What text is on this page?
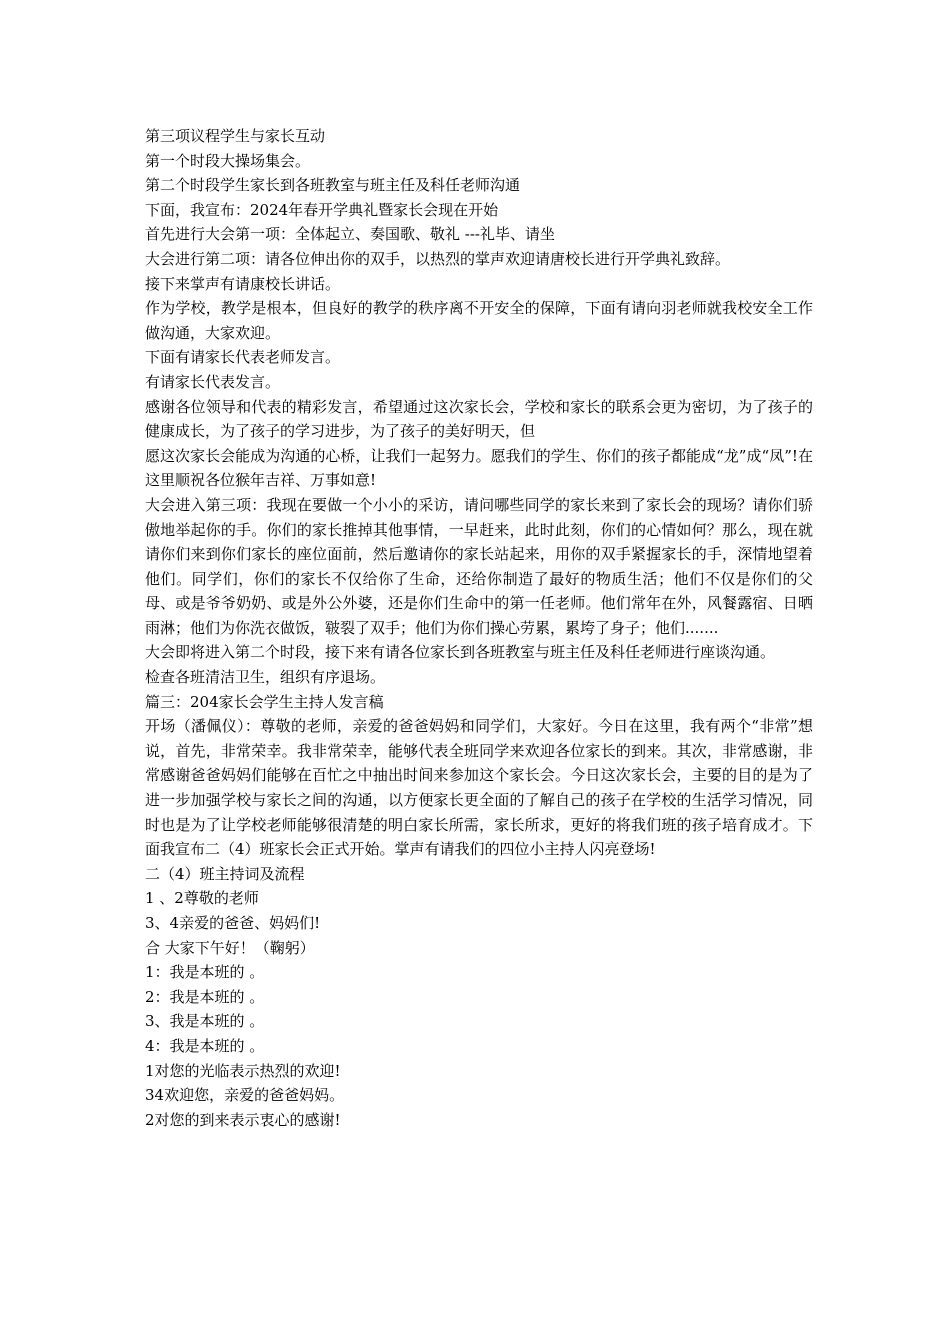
第三项议程学生与家长互动

第一个时段大操场集会。

第二个时段学生家长到各班教室与班主任及科任老师沟通

下面，我宣布：2024年春开学典礼暨家长会现在开始

首先进行大会第一项：全体起立、奏国歌、敬礼 ---礼毕、请坐

大会进行第二项：请各位伸出你的双手，以热烈的掌声欢迎请唐校长进行开学典礼致辞。

接下来掌声有请康校长讲话。

作为学校，教学是根本，但良好的教学的秩序离不开安全的保障，下面有请向羽老师就我校安全工作做沟通，大家欢迎。

下面有请家长代表老师发言。

有请家长代表发言。

感谢各位领导和代表的精彩发言，希望通过这次家长会，学校和家长的联系会更为密切，为了孩子的健康成长，为了孩子的学习进步，为了孩子的美好明天，但

愿这次家长会能成为沟通的心桥，让我们一起努力。愿我们的学生、你们的孩子都能成“龙”成“凤”!在这里顺祝各位猴年吉祥、万事如意!

大会进入第三项：我现在要做一个小小的采访，请问哪些同学的家长来到了家长会的现场？请你们骄傲地举起你的手。你们的家长推掉其他事情，一早赶来，此时此刻，你们的心情如何？那么，现在就请你们来到你们家长的座位面前，然后邀请你的家长站起来，用你的双手紧握家长的手，深情地望着他们。同学们，你们的家长不仅给你了生命，还给你制造了最好的物质生活；他们不仅是你们的父母、或是爷爷奶奶、或是外公外婆，还是你们生命中的第一任老师。他们常年在外，风餐露宿、日晒雨淋；他们为你洗衣做饭，皲裂了双手；他们为你们操心劳累，累垮了身子；他们.......

大会即将进入第二个时段，接下来有请各位家长到各班教室与班主任及科任老师进行座谈沟通。

检查各班清洁卫生，组织有序退场。

篇三：204家长会学生主持人发言稿

开场（潘佩仪）：尊敬的老师，亲爱的爸爸妈妈和同学们，大家好。今日在这里，我有两个“非常”想说，首先，非常荣幸。我非常荣幸，能够代表全班同学来欢迎各位家长的到来。其次，非常感谢，非常感谢爸爸妈妈们能够在百忙之中抽出时间来参加这个家长会。今日这次家长会，主要的目的是为了进一步加强学校与家长之间的沟通，以方便家长更全面的了解自己的孩子在学校的生活学习情况，同时也是为了让学校老师能够很清楚的明白家长所需，家长所求，更好的将我们班的孩子培育成才。下面我宣布二（4）班家长会正式开始。掌声有请我们的四位小主持人闪亮登场!

二（4）班主持词及流程

1 、2尊敬的老师

3、4亲爱的爸爸、妈妈们!

合 大家下午好！（鞠躬）

1：我是本班的 。

2：我是本班的 。

3、我是本班的 。

4：我是本班的 。

1对您的光临表示热烈的欢迎!

34欢迎您，亲爱的爸爸妈妈。

2对您的到来表示衷心的感谢!
